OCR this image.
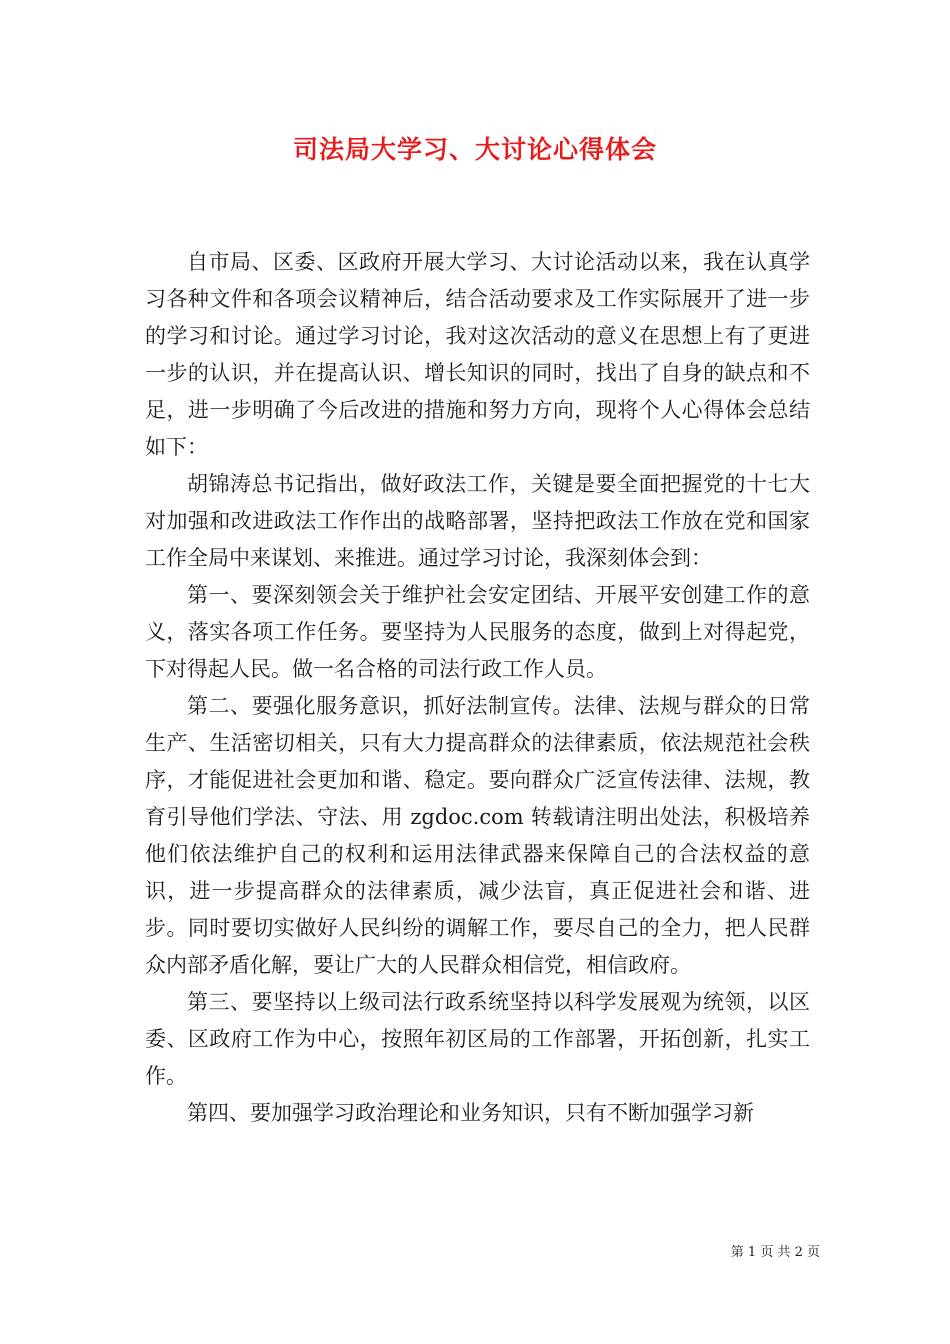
司法局大学习、大讨论心得体会

自市局、区委、区政府开展大学习、大讨论活动以来，我在认真学习各种文件和各项会议精神后，结合活动要求及工作实际展开了进一步的学习和讨论。通过学习讨论，我对这次活动的意义在思想上有了更进一步的认识，并在提高认识、增长知识的同时，找出了自身的缺点和不足，进一步明确了今后改进的措施和努力方向，现将个人心得体会总结如下：

胡锦涛总书记指出，做好政法工作，关键是要全面把握党的十七大对加强和改进政法工作作出的战略部署，坚持把政法工作放在党和国家工作全局中来谋划、来推进。通过学习讨论，我深刻体会到：

第一、要深刻领会关于维护社会安定团结、开展平安创建工作的意义，落实各项工作任务。要坚持为人民服务的态度，做到上对得起党，下对得起人民。做一名合格的司法行政工作人员。

第二、要强化服务意识，抓好法制宣传。法律、法规与群众的日常生产、生活密切相关，只有大力提高群众的法律素质，依法规范社会秩序，才能促进社会更加和谐、稳定。要向群众广泛宣传法律、法规，教育引导他们学法、守法、用 zgdoc.com 转载请注明出处法，积极培养他们依法维护自己的权利和运用法律武器来保障自己的合法权益的意识，进一步提高群众的法律素质，减少法盲，真正促进社会和谐、进步。同时要切实做好人民纠纷的调解工作，要尽自己的全力，把人民群众内部矛盾化解，要让广大的人民群众相信党，相信政府。

第三、要坚持以上级司法行政系统坚持以科学发展观为统领，以区委、区政府工作为中心，按照年初区局的工作部署，开拓创新，扎实工作。

第四、要加强学习政治理论和业务知识，只有不断加强学习新

第 1 页 共 2 页
